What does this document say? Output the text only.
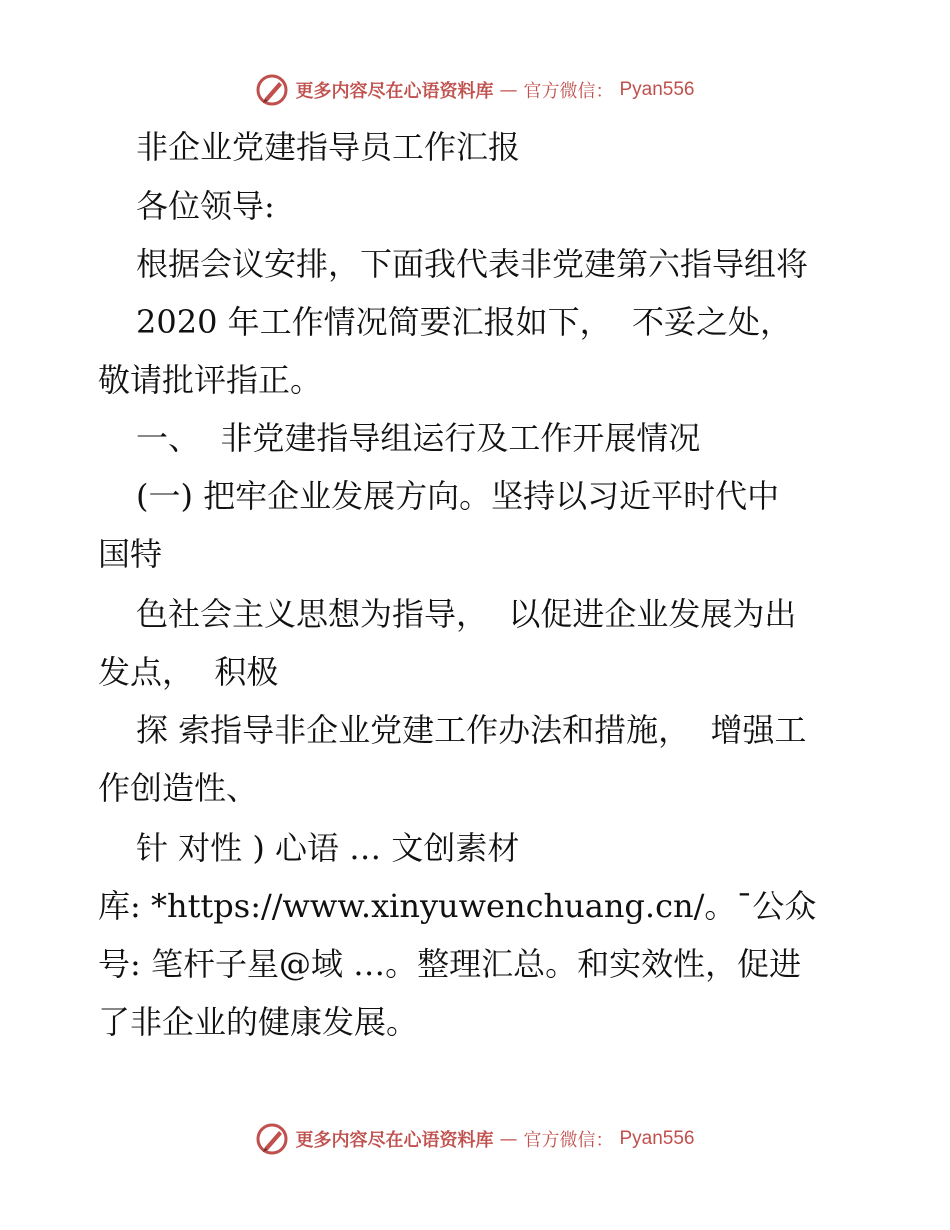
更多内容尽在心语资料库 — 官方微信： Pyan556

非企业党建指导员工作汇报

各位领导:

根据会议安排，下面我代表非党建第六指导组将

2020 年工作情况简要汇报如下，  不妥之处，

敬请批评指正。

一、  非党建指导组运行及工作开展情况

(一) 把牢企业发展方向。坚持以习近平时代中

国特

色社会主义思想为指导，  以促进企业发展为出

发点，  积极

探 索指导非企业党建工作办法和措施，  增强工

作创造性、

针 对性 ) 心语 … 文创素材

库: *https://www.xinyuwenchuang.cn/。¯公众

号: 笔杆子星@域 …。整理汇总。和实效性，促进

了非企业的健康发展。

更多内容尽在心语资料库 — 官方微信： Pyan556
